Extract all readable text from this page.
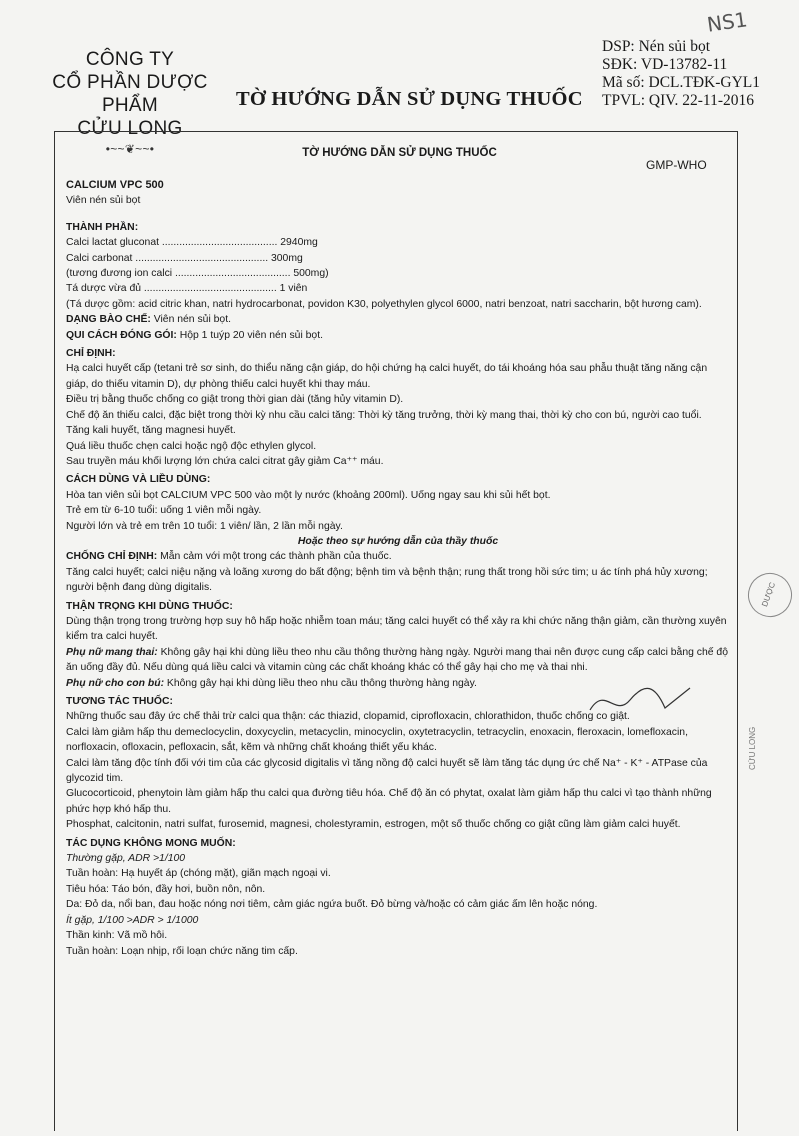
NS1
CÔNG TY
CỔ PHẦN DƯỢC PHẨM
CỬU LONG
•~~❦~~•
TỜ HƯỚNG DẪN SỬ DỤNG THUỐC
DSP: Nén sủi bọt
SĐK: VD-13782-11
Mã số: DCL.TĐK-GYL1
TPVL: QIV. 22-11-2016
TỜ HƯỚNG DẪN SỬ DỤNG THUỐC
GMP-WHO

CALCIUM VPC 500

Viên nén sủi bọt

THÀNH PHẦN:

Calci lactat gluconat ........................................ 2940mg

Calci carbonat .............................................. 300mg

(tương đương ion calci ........................................ 500mg)

Tá dược vừa đủ .............................................. 1 viên

(Tá dược gồm: acid citric khan, natri hydrocarbonat, povidon K30, polyethylen glycol 6000, natri benzoat, natri saccharin, bột hương cam).

DẠNG BÀO CHẾ: Viên nén sủi bọt.

QUI CÁCH ĐÓNG GÓI: Hộp 1 tuýp 20 viên nén sủi bọt.

CHỈ ĐỊNH:

Hạ calci huyết cấp (tetani trẻ sơ sinh, do thiểu năng cận giáp, do hội chứng hạ calci huyết, do tái khoáng hóa sau phẫu thuật tăng năng cận giáp, do thiếu vitamin D), dự phòng thiếu calci huyết khi thay máu.

Điều trị bằng thuốc chống co giật trong thời gian dài (tăng hủy vitamin D).

Chế độ ăn thiếu calci, đặc biệt trong thời kỳ nhu cầu calci tăng: Thời kỳ tăng trưởng, thời kỳ mang thai, thời kỳ cho con bú, người cao tuổi.

Tăng kali huyết, tăng magnesi huyết.

Quá liều thuốc chẹn calci hoặc ngộ độc ethylen glycol.

Sau truyền máu khối lượng lớn chứa calci citrat gây giảm Ca⁺⁺ máu.

CÁCH DÙNG VÀ LIỀU DÙNG:

Hòa tan viên sủi bọt CALCIUM VPC 500 vào một ly nước (khoảng 200ml). Uống ngay sau khi sủi hết bọt.

Trẻ em từ 6-10 tuổi: uống 1 viên mỗi ngày.

Người lớn và trẻ em trên 10 tuổi: 1 viên/ lần, 2 lần mỗi ngày.

Hoặc theo sự hướng dẫn của thầy thuốc

CHỐNG CHỈ ĐỊNH: Mẫn cảm với một trong các thành phần của thuốc.

Tăng calci huyết; calci niệu nặng và loãng xương do bất động; bệnh tim và bệnh thận; rung thất trong hồi sức tim; u ác tính phá hủy xương; người bệnh đang dùng digitalis.

THẬN TRỌNG KHI DÙNG THUỐC:

Dùng thận trọng trong trường hợp suy hô hấp hoặc nhiễm toan máu; tăng calci huyết có thể xảy ra khi chức năng thận giảm, cần thường xuyên kiểm tra calci huyết.

Phụ nữ mang thai: Không gây hại khi dùng liều theo nhu cầu thông thường hàng ngày. Người mang thai nên được cung cấp calci bằng chế độ ăn uống đầy đủ. Nếu dùng quá liều calci và vitamin cùng các chất khoáng khác có thể gây hại cho mẹ và thai nhi.

Phụ nữ cho con bú: Không gây hại khi dùng liều theo nhu cầu thông thường hàng ngày.

TƯƠNG TÁC THUỐC:

Những thuốc sau đây ức chế thải trừ calci qua thận: các thiazid, clopamid, ciprofloxacin, chlorathidon, thuốc chống co giật.

Calci làm giảm hấp thu demeclocyclin, doxycyclin, metacyclin, minocyclin, oxytetracyclin, tetracyclin, enoxacin, fleroxacin, lomefloxacin, norfloxacin, ofloxacin, pefloxacin, sắt, kẽm và những chất khoáng thiết yếu khác.

Calci làm tăng độc tính đối với tim của các glycosid digitalis vì tăng nồng độ calci huyết sẽ làm tăng tác dụng ức chế Na⁺ - K⁺ - ATPase của glycozid tim.

Glucocorticoid, phenytoin làm giảm hấp thu calci qua đường tiêu hóa. Chế độ ăn có phytat, oxalat làm giảm hấp thu calci vì tạo thành những phức hợp khó hấp thu.

Phosphat, calcitonin, natri sulfat, furosemid, magnesi, cholestyramin, estrogen, một số thuốc chống co giật cũng làm giảm calci huyết.

TÁC DỤNG KHÔNG MONG MUỐN:

Thường gặp, ADR >1/100

Tuần hoàn: Hạ huyết áp (chóng mặt), giãn mạch ngoại vi.

Tiêu hóa: Táo bón, đầy hơi, buồn nôn, nôn.

Da: Đỏ da, nổi ban, đau hoặc nóng nơi tiêm, cảm giác ngứa buốt. Đỏ bừng và/hoặc có cảm giác ấm lên hoặc nóng.

Ít gặp, 1/100 >ADR > 1/1000

Thần kinh: Vã mồ hôi.

Tuần hoàn: Loạn nhịp, rối loạn chức năng tim cấp.

DƯỢC
CỬU LONG
